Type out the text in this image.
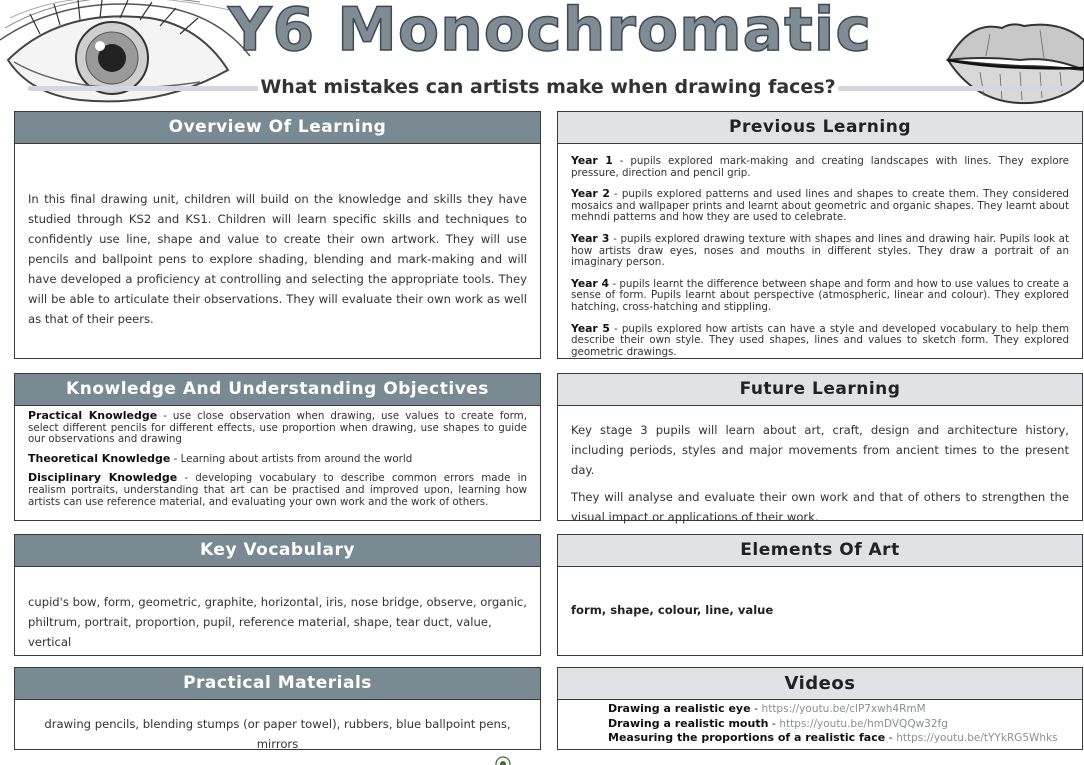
Y6 Monochromatic
What mistakes can artists make when drawing faces?
Overview Of Learning
In this final drawing unit, children will build on the knowledge and skills they have studied through KS2 and KS1. Children will learn specific skills and techniques to confidently use line, shape and value to create their own artwork. They will use pencils and ballpoint pens to explore shading, blending and mark-making and will have developed a proficiency at controlling and selecting the appropriate tools. They will be able to articulate their observations. They will evaluate their own work as well as that of their peers.
Previous Learning

Year 1 - pupils explored mark-making and creating landscapes with lines. They explore pressure, direction and pencil grip.

Year 2 - pupils explored patterns and used lines and shapes to create them. They considered mosaics and wallpaper prints and learnt about geometric and organic shapes. They learnt about mehndi patterns and how they are used to celebrate.

Year 3 - pupils explored drawing texture with shapes and lines and drawing hair. Pupils look at how artists draw eyes, noses and mouths in different styles. They draw a portrait of an imaginary person.

Year 4 - pupils learnt the difference between shape and form and how to use values to create a sense of form. Pupils learnt about perspective (atmospheric, linear and colour). They explored hatching, cross-hatching and stippling.

Year 5 - pupils explored how artists can have a style and developed vocabulary to help them describe their own style. They used shapes, lines and values to sketch form. They explored geometric drawings.

Knowledge And Understanding Objectives

Practical Knowledge - use close observation when drawing, use values to create form, select different pencils for different effects, use proportion when drawing, use shapes to guide our observations and drawing

Theoretical Knowledge - Learning about artists from around the world

Disciplinary Knowledge - developing vocabulary to describe common errors made in realism portraits, understanding that art can be practised and improved upon, learning how artists can use reference material, and evaluating your own work and the work of others.

Future Learning

Key stage 3 pupils will learn about art, craft, design and architecture history, including periods, styles and major movements from ancient times to the present day.

They will analyse and evaluate their own work and that of others to strengthen the visual impact or applications of their work.

Key Vocabulary
cupid's bow, form, geometric, graphite, horizontal, iris, nose bridge, observe, organic, philtrum, portrait, proportion, pupil, reference material, shape, tear duct, value, vertical
Elements Of Art
form, shape, colour, line, value
Practical Materials
drawing pencils, blending stumps (or paper towel), rubbers, blue ballpoint pens, mirrors
Videos
Drawing a realistic eye - https://youtu.be/clP7xwh4RmM
Drawing a realistic mouth - https://youtu.be/hmDVQQw32fg
Measuring the proportions of a realistic face - https://youtu.be/tYYkRG5Whks
